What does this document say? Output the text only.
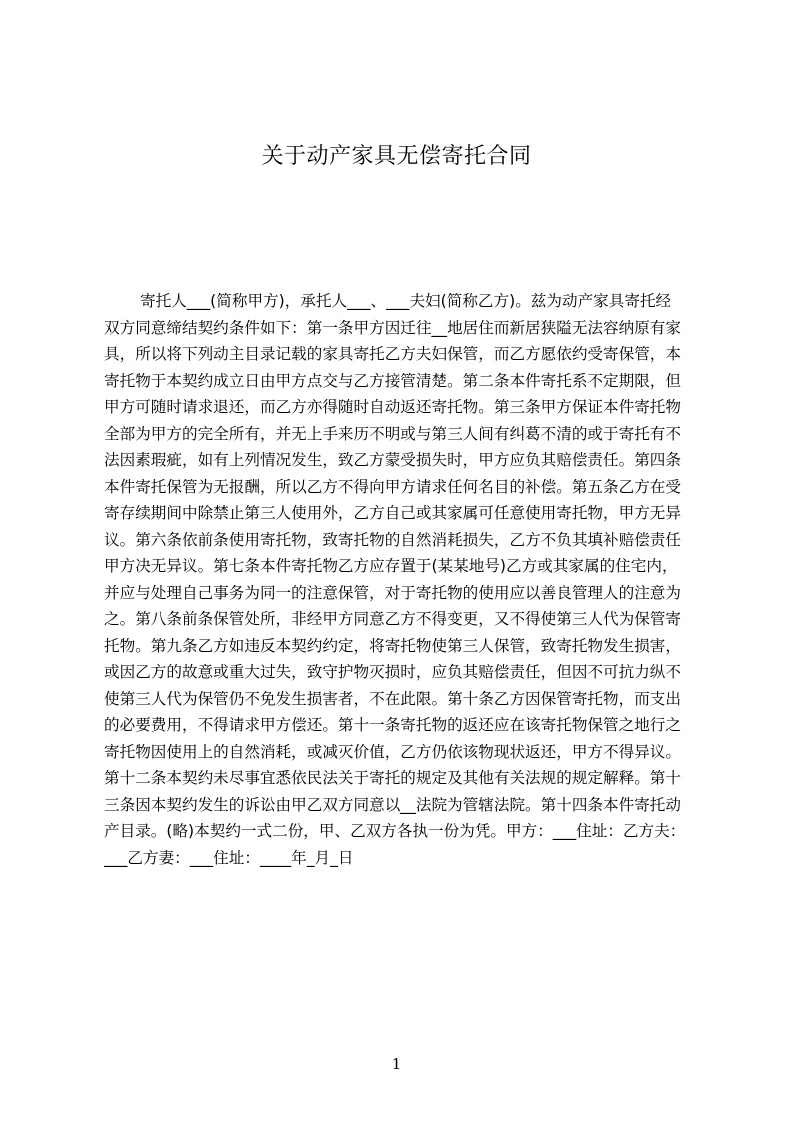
关于动产家具无偿寄托合同
寄托人___(简称甲方)，承托人___、___夫妇(简称乙方)。兹为动产家具寄托经
双方同意缔结契约条件如下：第一条甲方因迁往__地居住而新居狭隘无法容纳原有家
具，所以将下列动主目录记载的家具寄托乙方夫妇保管，而乙方愿依约受寄保管，本
寄托物于本契约成立日由甲方点交与乙方接管清楚。第二条本件寄托系不定期限，但
甲方可随时请求退还，而乙方亦得随时自动返还寄托物。第三条甲方保证本件寄托物
全部为甲方的完全所有，并无上手来历不明或与第三人间有纠葛不清的或于寄托有不
法因素瑕疵，如有上列情况发生，致乙方蒙受损失时，甲方应负其赔偿责任。第四条
本件寄托保管为无报酬，所以乙方不得向甲方请求任何名目的补偿。第五条乙方在受
寄存续期间中除禁止第三人使用外，乙方自己或其家属可任意使用寄托物，甲方无异
议。第六条依前条使用寄托物，致寄托物的自然消耗损失，乙方不负其填补赔偿责任
甲方决无异议。第七条本件寄托物乙方应存置于(某某地号)乙方或其家属的住宅内，
并应与处理自己事务为同一的注意保管，对于寄托物的使用应以善良管理人的注意为
之。第八条前条保管处所，非经甲方同意乙方不得变更，又不得使第三人代为保管寄
托物。第九条乙方如违反本契约约定，将寄托物使第三人保管，致寄托物发生损害，
或因乙方的故意或重大过失，致守护物灭损时，应负其赔偿责任，但因不可抗力纵不
使第三人代为保管仍不免发生损害者，不在此限。第十条乙方因保管寄托物，而支出
的必要费用，不得请求甲方偿还。第十一条寄托物的返还应在该寄托物保管之地行之
寄托物因使用上的自然消耗，或减灭价值，乙方仍依该物现状返还，甲方不得异议。
第十二条本契约未尽事宜悉依民法关于寄托的规定及其他有关法规的规定解释。第十
三条因本契约发生的诉讼由甲乙双方同意以__法院为管辖法院。第十四条本件寄托动
产目录。(略)本契约一式二份，甲、乙双方各执一份为凭。甲方：___住址：乙方夫：
___乙方妻：___住址：____年_月_日
1
